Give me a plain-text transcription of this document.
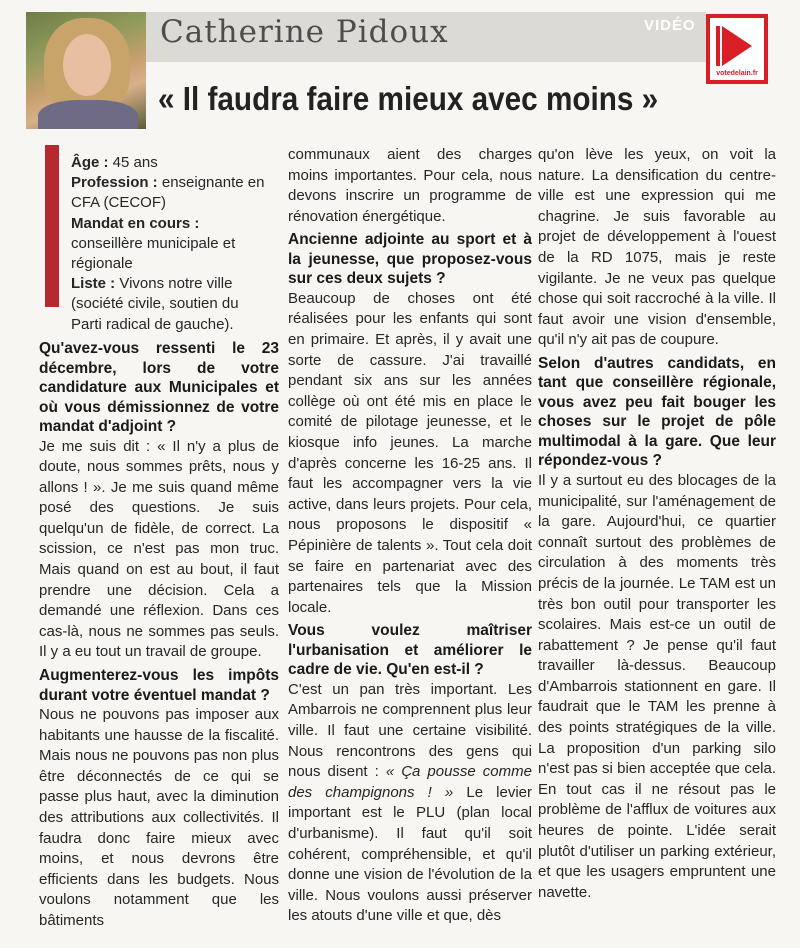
Catherine Pidoux	VIDÉO
votedelain.fr
« Il faudra faire mieux avec moins »
Âge : 45 ans
Profession : enseignante en CFA (CECOF)
Mandat en cours : conseillère municipale et régionale
Liste : Vivons notre ville (société civile, soutien du Parti radical de gauche).
Qu'avez-vous ressenti le 23 décembre, lors de votre candidature aux Municipales et où vous démissionnez de votre mandat d'adjoint ?

Je me suis dit : « Il n'y a plus de doute, nous sommes prêts, nous y allons ! ». Je me suis quand même posé des questions. Je suis quelqu'un de fidèle, de correct. La scission, ce n'est pas mon truc. Mais quand on est au bout, il faut prendre une décision. Cela a demandé une réflexion. Dans ces cas-là, nous ne sommes pas seuls. Il y a eu tout un travail de groupe.

Augmenterez-vous les impôts durant votre éventuel mandat ?

Nous ne pouvons pas imposer aux habitants une hausse de la fiscalité. Mais nous ne pouvons pas non plus être déconnectés de ce qui se passe plus haut, avec la diminution des attributions aux collectivités. Il faudra donc faire mieux avec moins, et nous devrons être efficients dans les budgets. Nous voulons notamment que les bâtiments

communaux aient des charges moins importantes. Pour cela, nous devons inscrire un programme de rénovation énergétique.

Ancienne adjointe au sport et à la jeunesse, que proposez-vous sur ces deux sujets ?

Beaucoup de choses ont été réalisées pour les enfants qui sont en primaire. Et après, il y avait une sorte de cassure. J'ai travaillé pendant six ans sur les années collège où ont été mis en place le comité de pilotage jeunesse, et le kiosque info jeunes. La marche d'après concerne les 16-25 ans. Il faut les accompagner vers la vie active, dans leurs projets. Pour cela, nous proposons le dispositif « Pépinière de talents ». Tout cela doit se faire en partenariat avec des partenaires tels que la Mission locale.

Vous voulez maîtriser l'urbanisation et améliorer le cadre de vie. Qu'en est-il ?

C'est un pan très important. Les Ambarrois ne comprennent plus leur ville. Il faut une certaine visibilité. Nous rencontrons des gens qui nous disent : « Ça pousse comme des champignons ! » Le levier important est le PLU (plan local d'urbanisme). Il faut qu'il soit cohérent, compréhensible, et qu'il donne une vision de l'évolution de la ville. Nous voulons aussi préserver les atouts d'une ville et que, dès

qu'on lève les yeux, on voit la nature. La densification du centre-ville est une expression qui me chagrine. Je suis favorable au projet de développement à l'ouest de la RD 1075, mais je reste vigilante. Je ne veux pas quelque chose qui soit raccroché à la ville. Il faut avoir une vision d'ensemble, qu'il n'y ait pas de coupure.

Selon d'autres candidats, en tant que conseillère régionale, vous avez peu fait bouger les choses sur le projet de pôle multimodal à la gare. Que leur répondez-vous ?

Il y a surtout eu des blocages de la municipalité, sur l'aménagement de la gare. Aujourd'hui, ce quartier connaît surtout des problèmes de circulation à des moments très précis de la journée. Le TAM est un très bon outil pour transporter les scolaires. Mais est-ce un outil de rabattement ? Je pense qu'il faut travailler là-dessus. Beaucoup d'Ambarrois stationnent en gare. Il faudrait que le TAM les prenne à des points stratégiques de la ville. La proposition d'un parking silo n'est pas si bien acceptée que cela. En tout cas il ne résout pas le problème de l'afflux de voitures aux heures de pointe. L'idée serait plutôt d'utiliser un parking extérieur, et que les usagers empruntent une navette.
